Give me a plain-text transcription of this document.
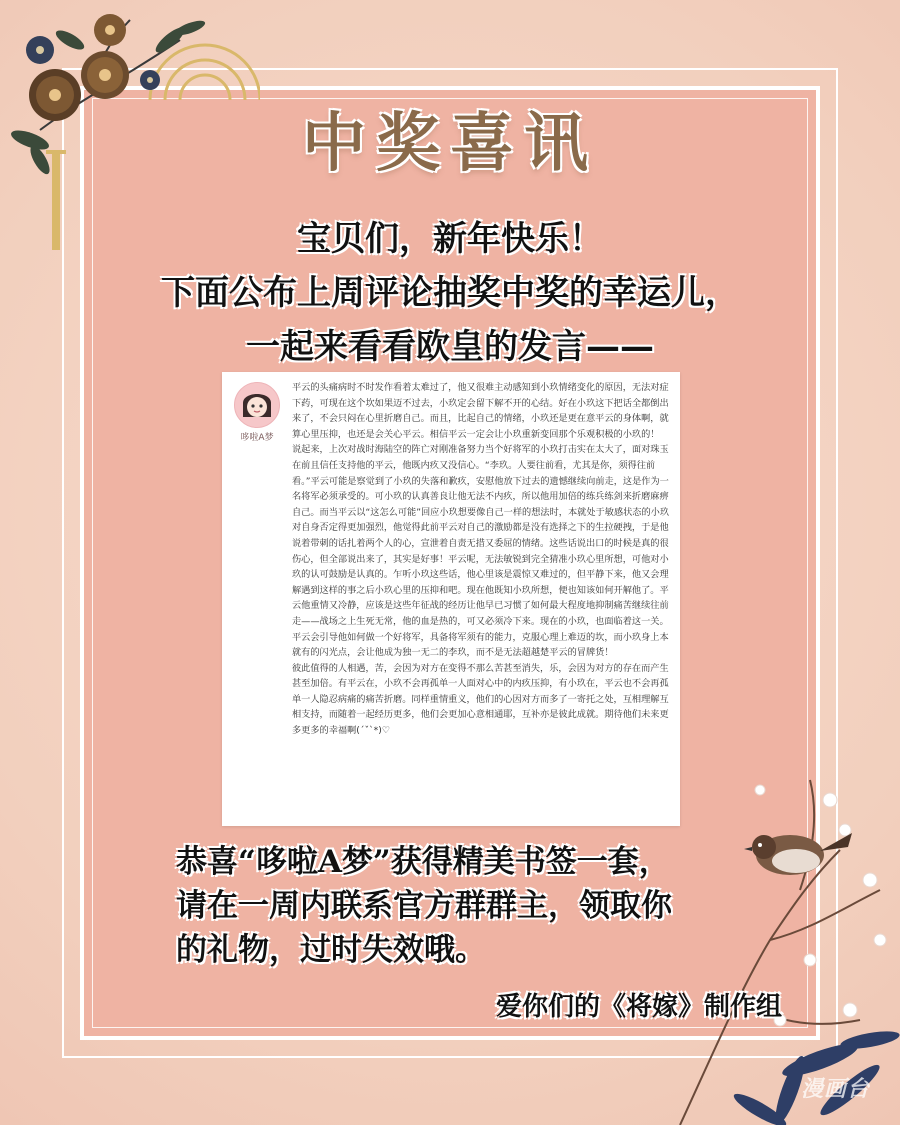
中奖喜讯
宝贝们，新年快乐！
下面公布上周评论抽奖中奖的幸运儿，
一起来看看欧皇的发言——
哆啦A梦
平云的头痛病时不时发作看着太难过了，他又很难主动感知到小玖情绪变化的原因，无法对症下药，可现在这个坎如果迈不过去，小玖定会留下解不开的心结。好在小玖这下把话全都倒出来了，不会只闷在心里折磨自己。而且，比起自己的情绪，小玖还是更在意平云的身体啊，就算心里压抑，也还是会关心平云。相信平云一定会让小玖重新变回那个乐观积极的小玖的！
说起来，上次对战时海陆空的阵亡对刚准备努力当个好将军的小玖打击实在太大了，面对珠玉在前且信任支持他的平云，他既内疚又没信心。“李玖。人要往前看，尤其是你，须得往前看。”平云可能是察觉到了小玖的失落和歉疚，安慰他放下过去的遗憾继续向前走，这是作为一名将军必须承受的。可小玖的认真善良让他无法不内疚，所以他用加倍的练兵练剑来折磨麻痹自己。而当平云以“这怎么可能”回应小玖想要像自己一样的想法时，本就处于敏感状态的小玖对自身否定得更加强烈，他觉得此前平云对自己的激励都是没有选择之下的生拉硬拽，于是他说着带刺的话扎着两个人的心，宣泄着自责无措又委屈的情绪。这些话说出口的时候是真的很伤心，但全部说出来了，其实是好事！平云呢，无法敏锐到完全猜准小玖心里所想，可他对小玖的认可鼓励是认真的。乍听小玖这些话，他心里该是震惊又难过的，但平静下来，他又会理解遇到这样的事之后小玖心里的压抑和吧。现在他既知小玖所想，便也知该如何开解他了。平云他重情又冷静，应该是这些年征战的经历让他早已习惯了如何最大程度地抑制痛苦继续往前走——战场之上生死无常，他的血是热的，可又必须冷下来。现在的小玖，也面临着这一关。平云会引导他如何做一个好将军，具备将军须有的能力，克服心理上难迈的坎，而小玖身上本就有的闪光点，会让他成为独一无二的李玖，而不是无法超越楚平云的冒牌货！
彼此值得的人相遇，苦，会因为对方在变得不那么苦甚至消失，乐，会因为对方的存在而产生甚至加倍。有平云在，小玖不会再孤单一人面对心中的内疚压抑，有小玖在，平云也不会再孤单一人隐忍病痛的痛苦折磨。同样重情重义，他们的心因对方而多了一寄托之处，互相理解互相支持，而随着一起经历更多，他们会更加心意相通耶，互补亦是彼此成就。期待他们未来更多更多的幸福啊(´ˇ`*)♡
恭喜“哆啦A梦”获得精美书签一套，
请在一周内联系官方群群主，领取你
的礼物，过时失效哦。
爱你们的《将嫁》制作组
漫画台
